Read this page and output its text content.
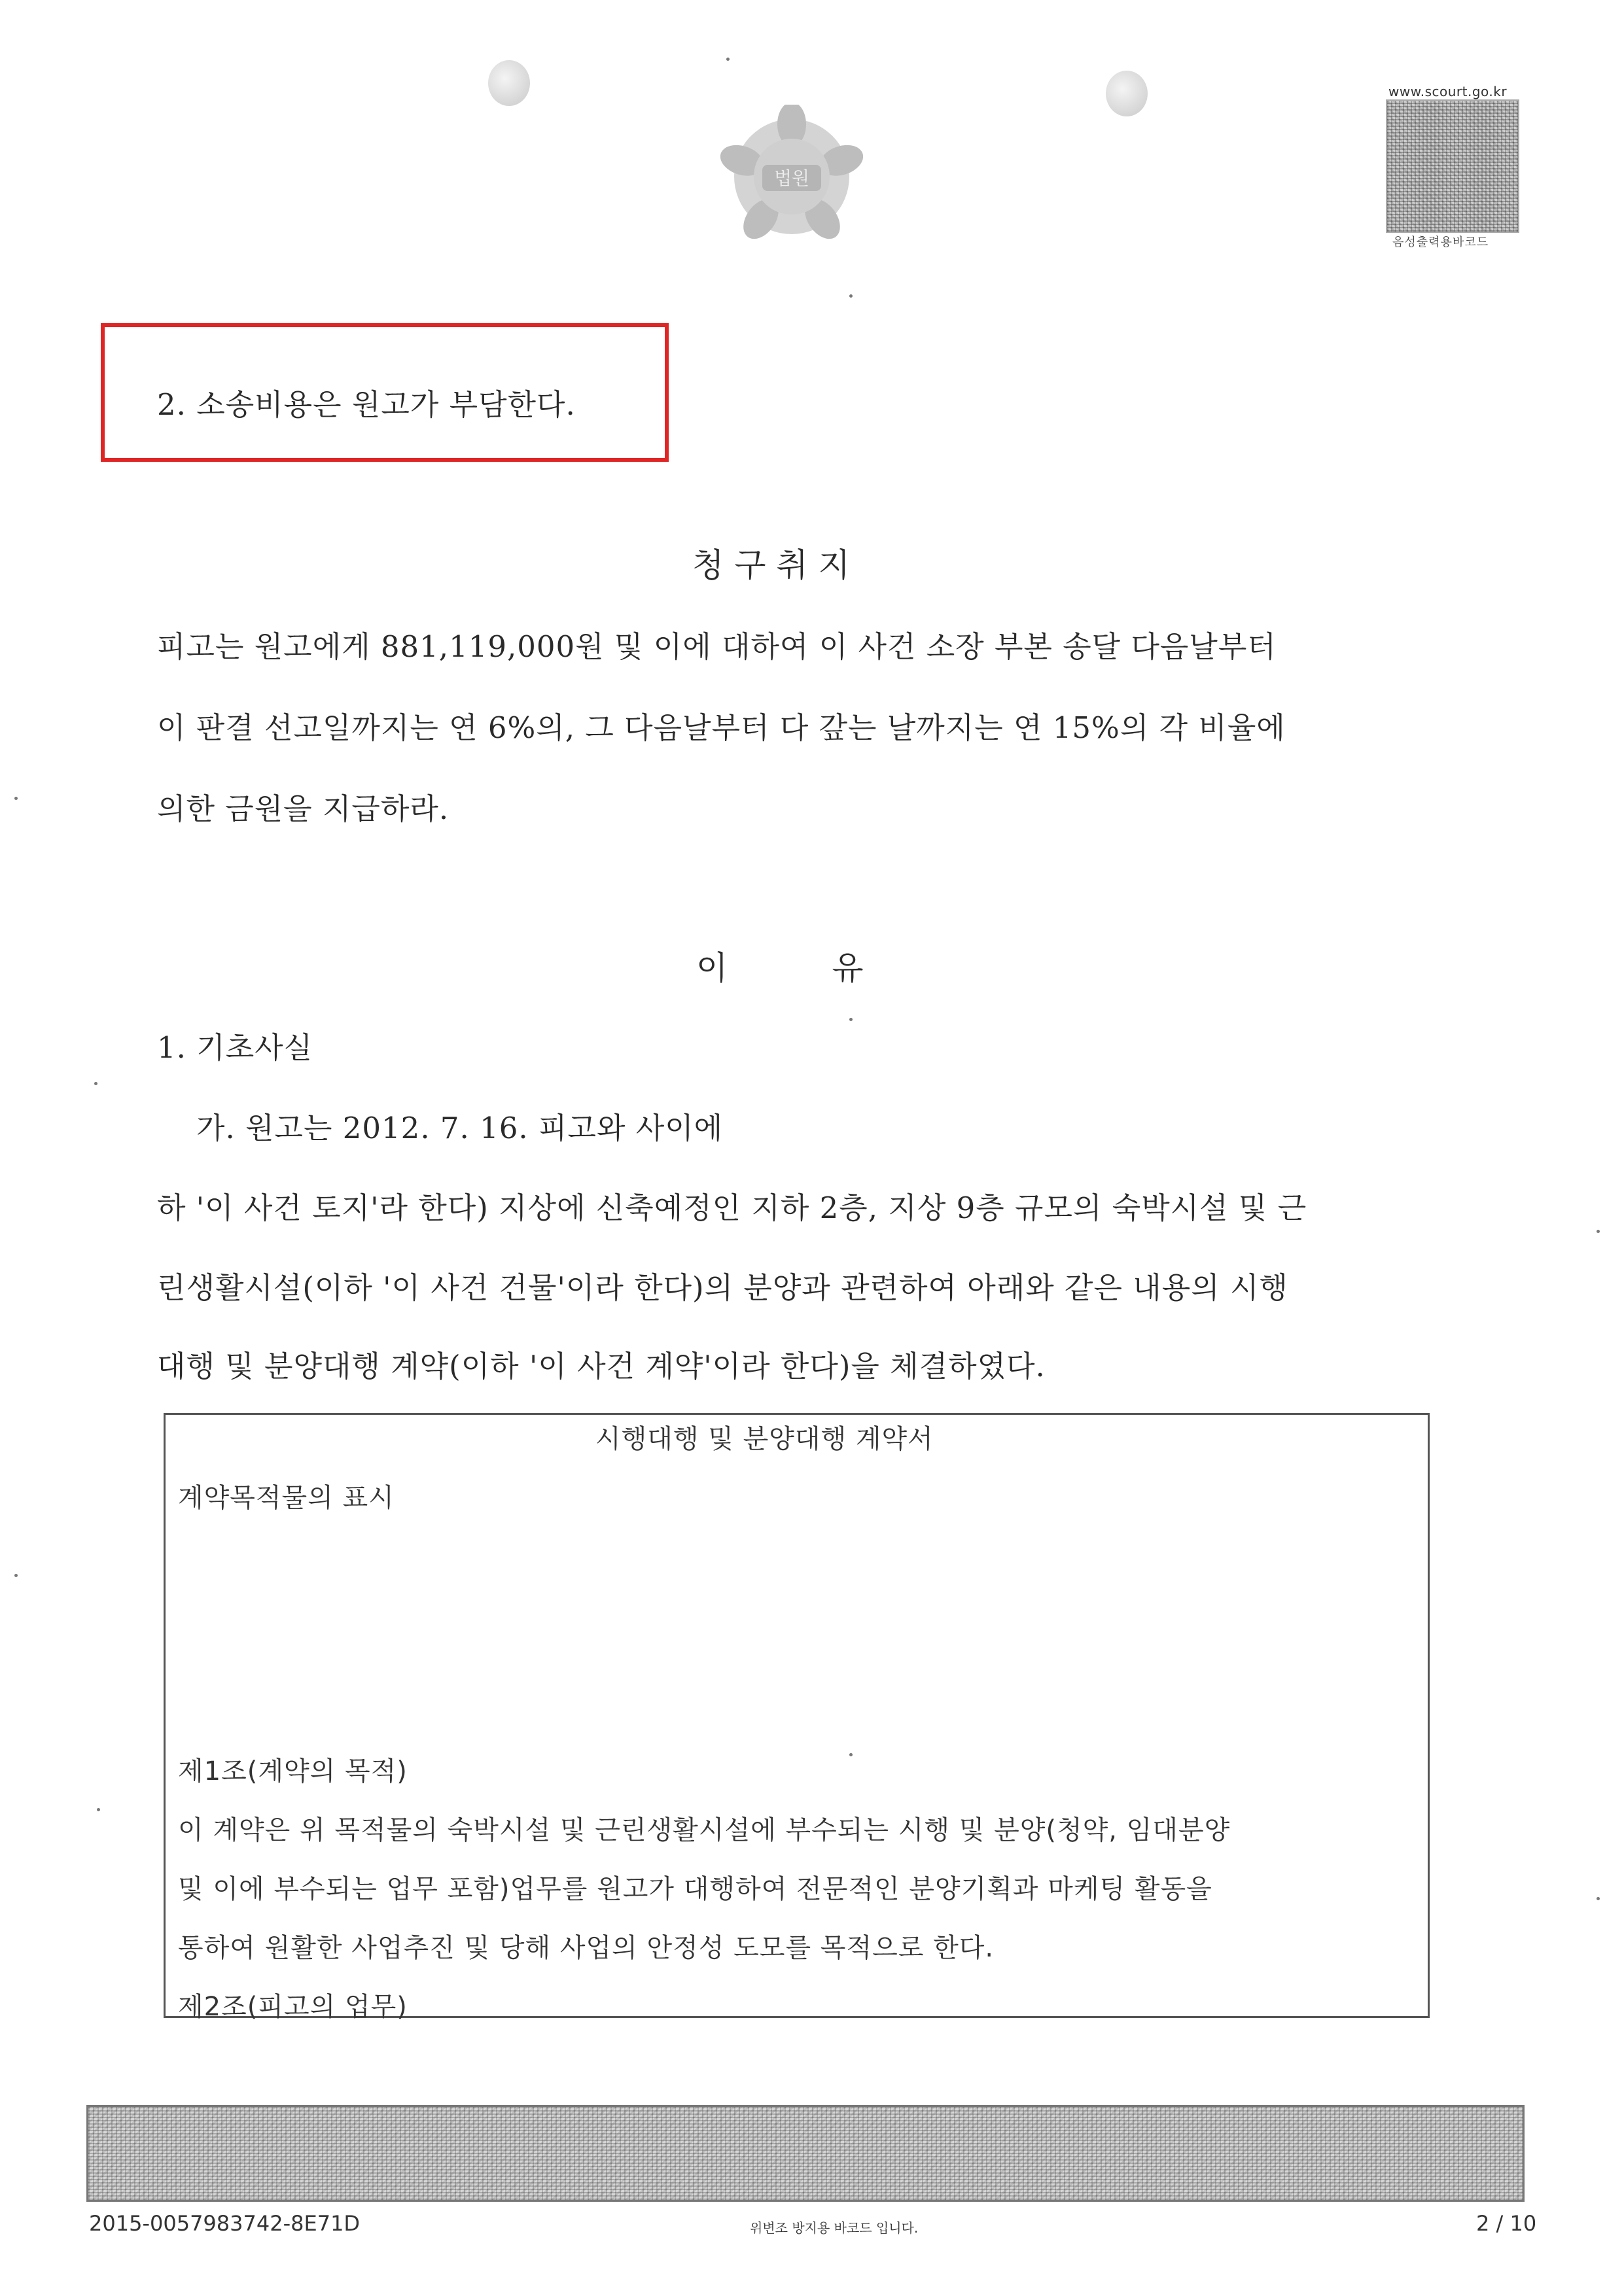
법원
www.scourt.go.kr
음성출력용바코드
2. 소송비용은 원고가 부담한다.
청 구 취 지
피고는 원고에게 881,119,000원 및 이에 대하여 이 사건 소장 부본 송달 다음날부터
이 판결 선고일까지는 연 6%의, 그 다음날부터 다 갚는 날까지는 연 15%의 각 비율에
의한 금원을 지급하라.
이          유
1. 기초사실
가. 원고는 2012. 7. 16. 피고와 사이에
하 '이 사건 토지'라 한다) 지상에 신축예정인 지하 2층, 지상 9층 규모의 숙박시설 및 근
린생활시설(이하 '이 사건 건물'이라 한다)의 분양과 관련하여 아래와 같은 내용의 시행
대행 및 분양대행 계약(이하 '이 사건 계약'이라 한다)을 체결하였다.
시행대행 및 분양대행 계약서
계약목적물의 표시
제1조(계약의 목적)
이 계약은 위 목적물의 숙박시설 및 근린생활시설에 부수되는 시행 및 분양(청약, 임대분양
및 이에 부수되는 업무 포함)업무를 원고가 대행하여 전문적인 분양기획과 마케팅 활동을
통하여 원활한 사업추진 및 당해 사업의 안정성 도모를 목적으로 한다.
제2조(피고의 업무)
2015-0057983742-8E71D	위변조 방지용 바코드 입니다.	2 / 10
